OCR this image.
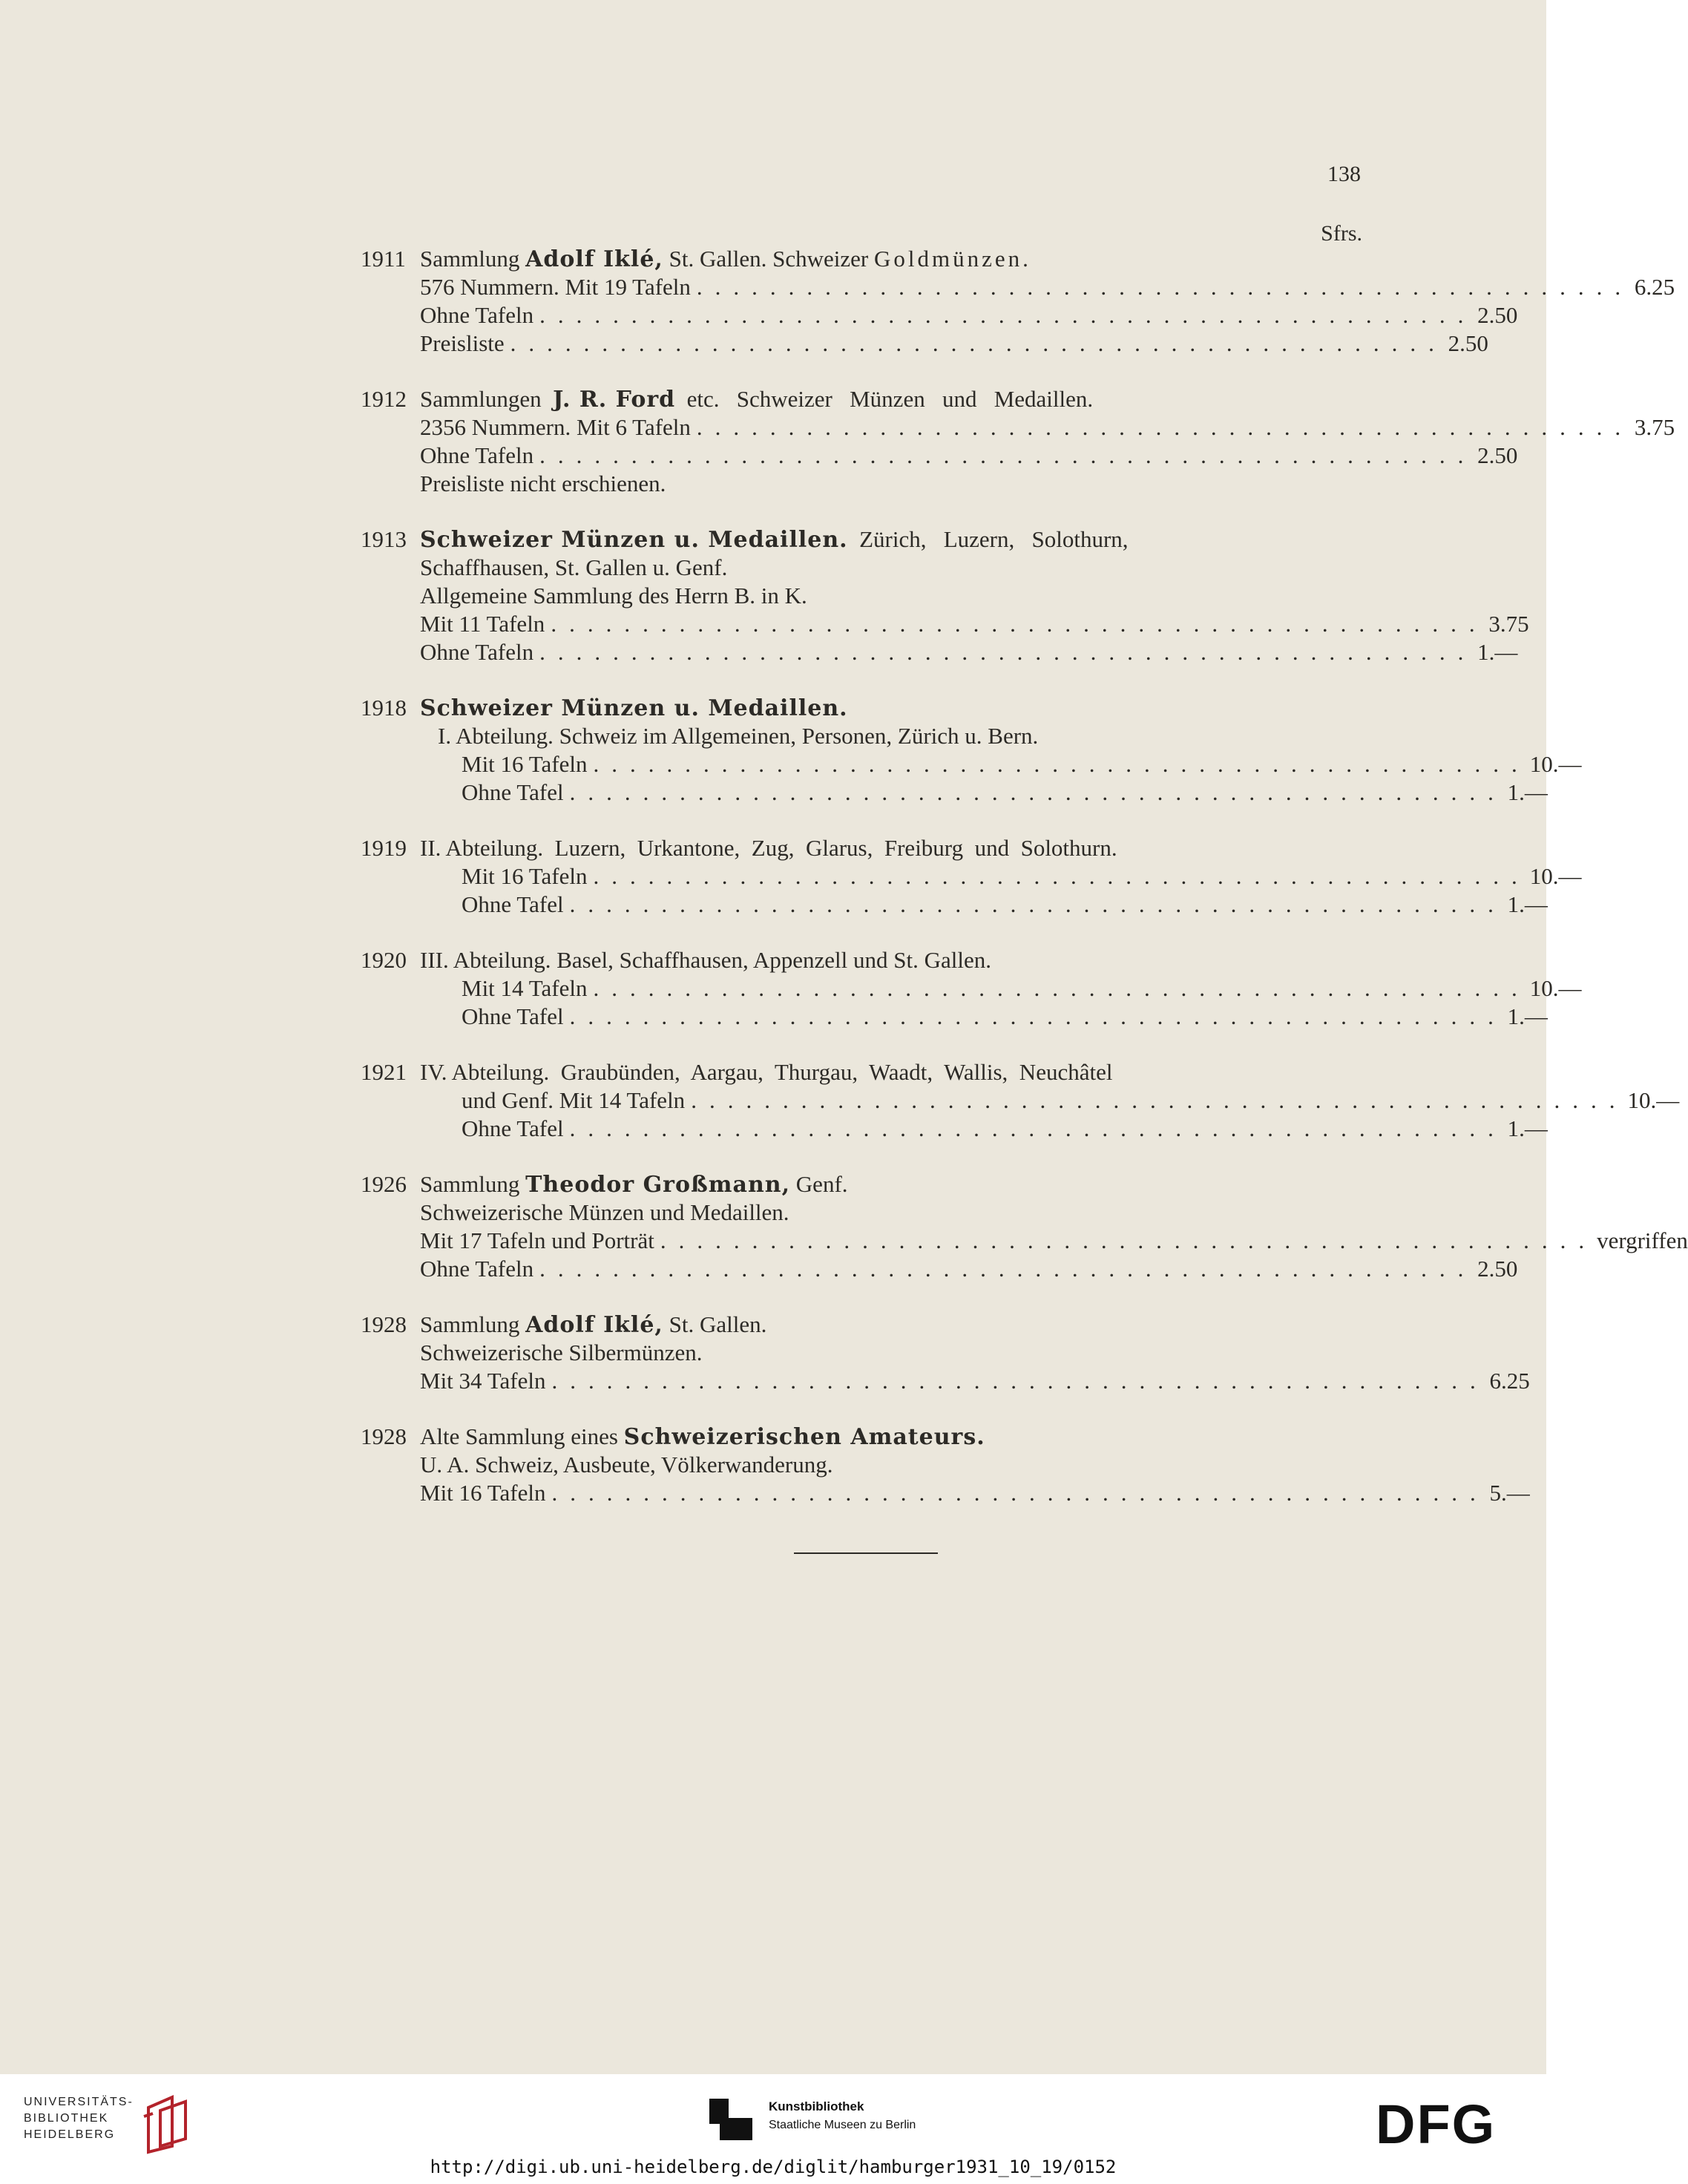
138
Sfrs.
1911 Sammlung Adolf Iklé, St. Gallen. Schweizer Goldmünzen.
576 Nummern. Mit 19 Tafeln ................................................... 6.25
Ohne Tafeln ................................................... 2.50
Preisliste ................................................... 2.50
1912 Sammlungen J. R. Ford etc.   Schweizer   Münzen   und   Medaillen.
2356 Nummern. Mit 6 Tafeln ................................................... 3.75
Ohne Tafeln ................................................... 2.50
Preisliste nicht erschienen.
1913 Schweizer Münzen u. Medaillen. Zürich,   Luzern,   Solothurn,
Schaffhausen, St. Gallen u. Genf.
Allgemeine Sammlung des Herrn B. in K.
Mit 11 Tafeln ................................................... 3.75
Ohne Tafeln ................................................... 1.—
1918 Schweizer Münzen u. Medaillen.
I. Abteilung. Schweiz im Allgemeinen, Personen, Zürich u. Bern.
Mit 16 Tafeln ................................................... 10.—
Ohne Tafel ................................................... 1.—
1919 II. Abteilung.  Luzern,  Urkantone,  Zug,  Glarus,  Freiburg  und  Solothurn.
Mit 16 Tafeln ................................................... 10.—
Ohne Tafel ................................................... 1.—
1920 III. Abteilung. Basel, Schaffhausen, Appenzell und St. Gallen.
Mit 14 Tafeln ................................................... 10.—
Ohne Tafel ................................................... 1.—
1921 IV. Abteilung.  Graubünden,  Aargau,  Thurgau,  Waadt,  Wallis,  Neuchâtel
und Genf. Mit 14 Tafeln ................................................... 10.—
Ohne Tafel ................................................... 1.—
1926 Sammlung Theodor Großmann, Genf.
Schweizerische Münzen und Medaillen.
Mit 17 Tafeln und Porträt ................................................... vergriffen
Ohne Tafeln ................................................... 2.50
1928 Sammlung Adolf Iklé, St. Gallen.
Schweizerische Silbermünzen.
Mit 34 Tafeln ................................................... 6.25
1928 Alte Sammlung eines Schweizerischen Amateurs.
U. A. Schweiz, Ausbeute, Völkerwanderung.
Mit 16 Tafeln ................................................... 5.—
UNIVERSITÄTS-
BIBLIOTHEK
HEIDELBERG
Kunstbibliothek
Staatliche Museen zu Berlin	DFG
http://digi.ub.uni-heidelberg.de/diglit/hamburger1931_10_19/0152
